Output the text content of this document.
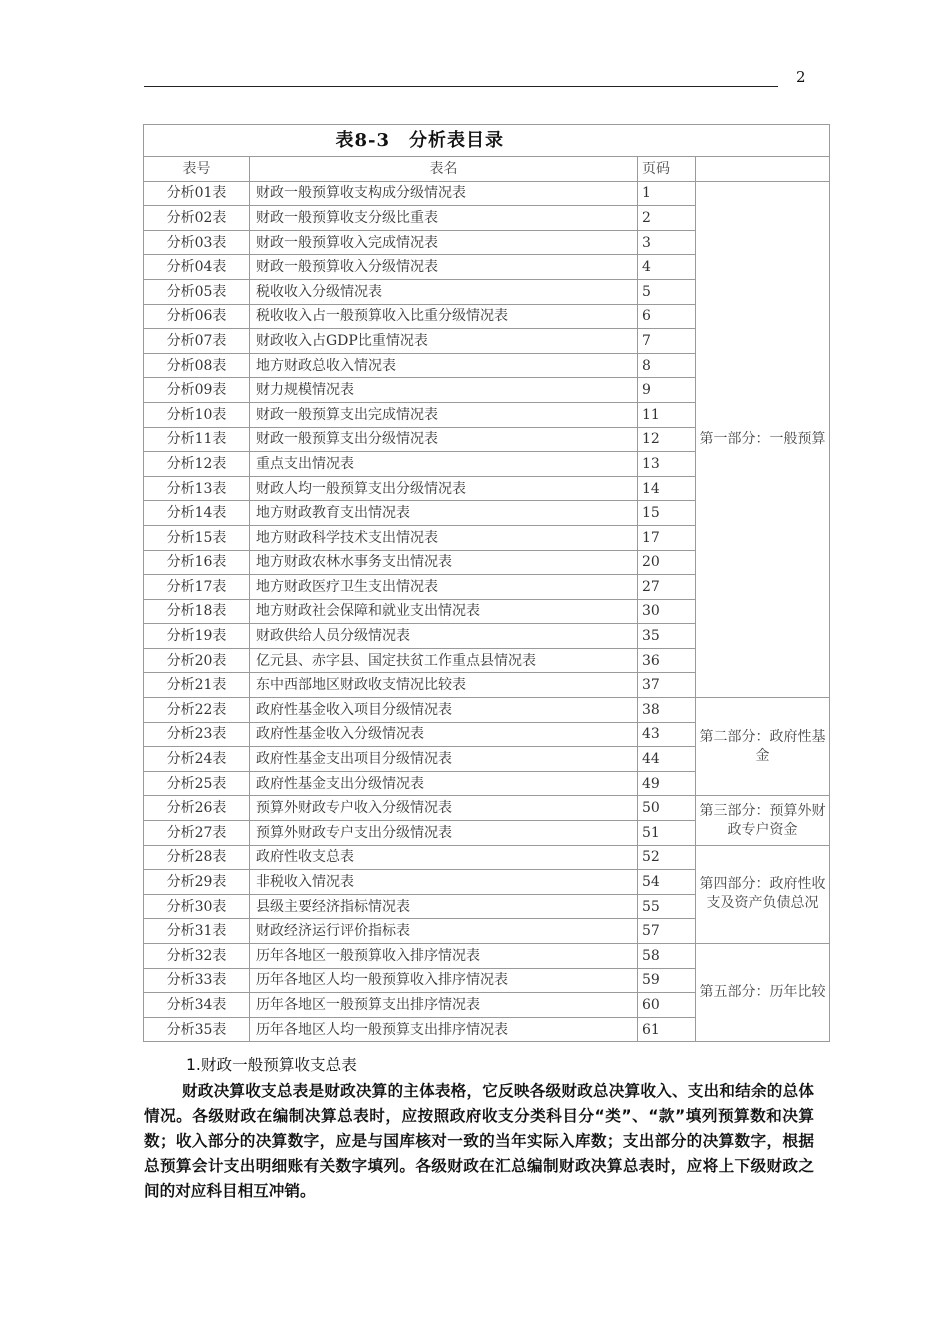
2
表8-3　分析表目录			
表号	表名	页码	
分析01表	财政一般预算收支构成分级情况表	1	第一部分：一般预算
分析02表	财政一般预算收支分级比重表	2	
分析03表	财政一般预算收入完成情况表	3	
分析04表	财政一般预算收入分级情况表	4	
分析05表	税收收入分级情况表	5	
分析06表	税收收入占一般预算收入比重分级情况表	6	
分析07表	财政收入占GDP比重情况表	7	
分析08表	地方财政总收入情况表	8	
分析09表	财力规模情况表	9	
分析10表	财政一般预算支出完成情况表	11	
分析11表	财政一般预算支出分级情况表	12	
分析12表	重点支出情况表	13	
分析13表	财政人均一般预算支出分级情况表	14	
分析14表	地方财政教育支出情况表	15	
分析15表	地方财政科学技术支出情况表	17	
分析16表	地方财政农林水事务支出情况表	20	
分析17表	地方财政医疗卫生支出情况表	27	
分析18表	地方财政社会保障和就业支出情况表	30	
分析19表	财政供给人员分级情况表	35	
分析20表	亿元县、赤字县、国定扶贫工作重点县情况表	36	
分析21表	东中西部地区财政收支情况比较表	37	
分析22表	政府性基金收入项目分级情况表	38	第二部分：政府性基金
分析23表	政府性基金收入分级情况表	43	
分析24表	政府性基金支出项目分级情况表	44	
分析25表	政府性基金支出分级情况表	49	
分析26表	预算外财政专户收入分级情况表	50	第三部分：预算外财政专户资金
分析27表	预算外财政专户支出分级情况表	51	
分析28表	政府性收支总表	52	第四部分：政府性收支及资产负债总况
分析29表	非税收入情况表	54	
分析30表	县级主要经济指标情况表	55	
分析31表	财政经济运行评价指标表	57	
分析32表	历年各地区一般预算收入排序情况表	58	第五部分：历年比较
分析33表	历年各地区人均一般预算收入排序情况表	59	
分析34表	历年各地区一般预算支出排序情况表	60	
分析35表	历年各地区人均一般预算支出排序情况表	61	
1.财政一般预算收支总表

财政决算收支总表是财政决算的主体表格，它反映各级财政总决算收入、支出和结余的总体情况。各级财政在编制决算总表时，应按照政府收支分类科目分“类”、“款”填列预算数和决算数；收入部分的决算数字，应是与国库核对一致的当年实际入库数；支出部分的决算数字，根据总预算会计支出明细账有关数字填列。各级财政在汇总编制财政决算总表时，应将上下级财政之间的对应科目相互冲销。
